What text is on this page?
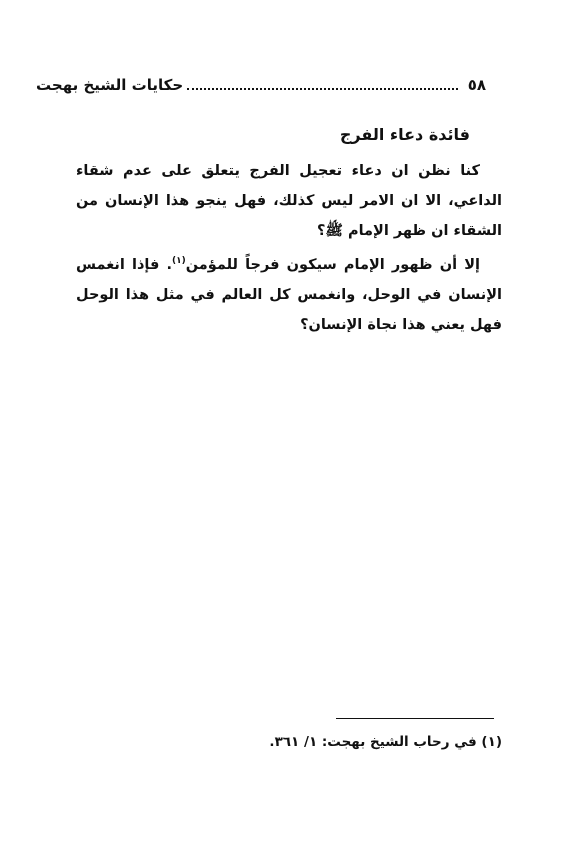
٥٨
حكايات الشيخ بهجت
فائدة دعاء الفرج

كنا نظن ان دعاء تعجيل الفرج يتعلق على عدم شقاء الداعي، الا ان الامر ليس كذلك، فهل ينجو هذا الإنسان من الشقاء ان ظهر الإمام ﷺ؟

إلا أن ظهور الإمام سيكون فرجاً للمؤمن$^{(١)}$. فإذا انغمس الإنسان في الوحل، وانغمس كل العالم في مثل هذا الوحل فهل يعني هذا نجاة الإنسان؟

(١) في رحاب الشيخ بهجت: ١/ ٣٦١.
